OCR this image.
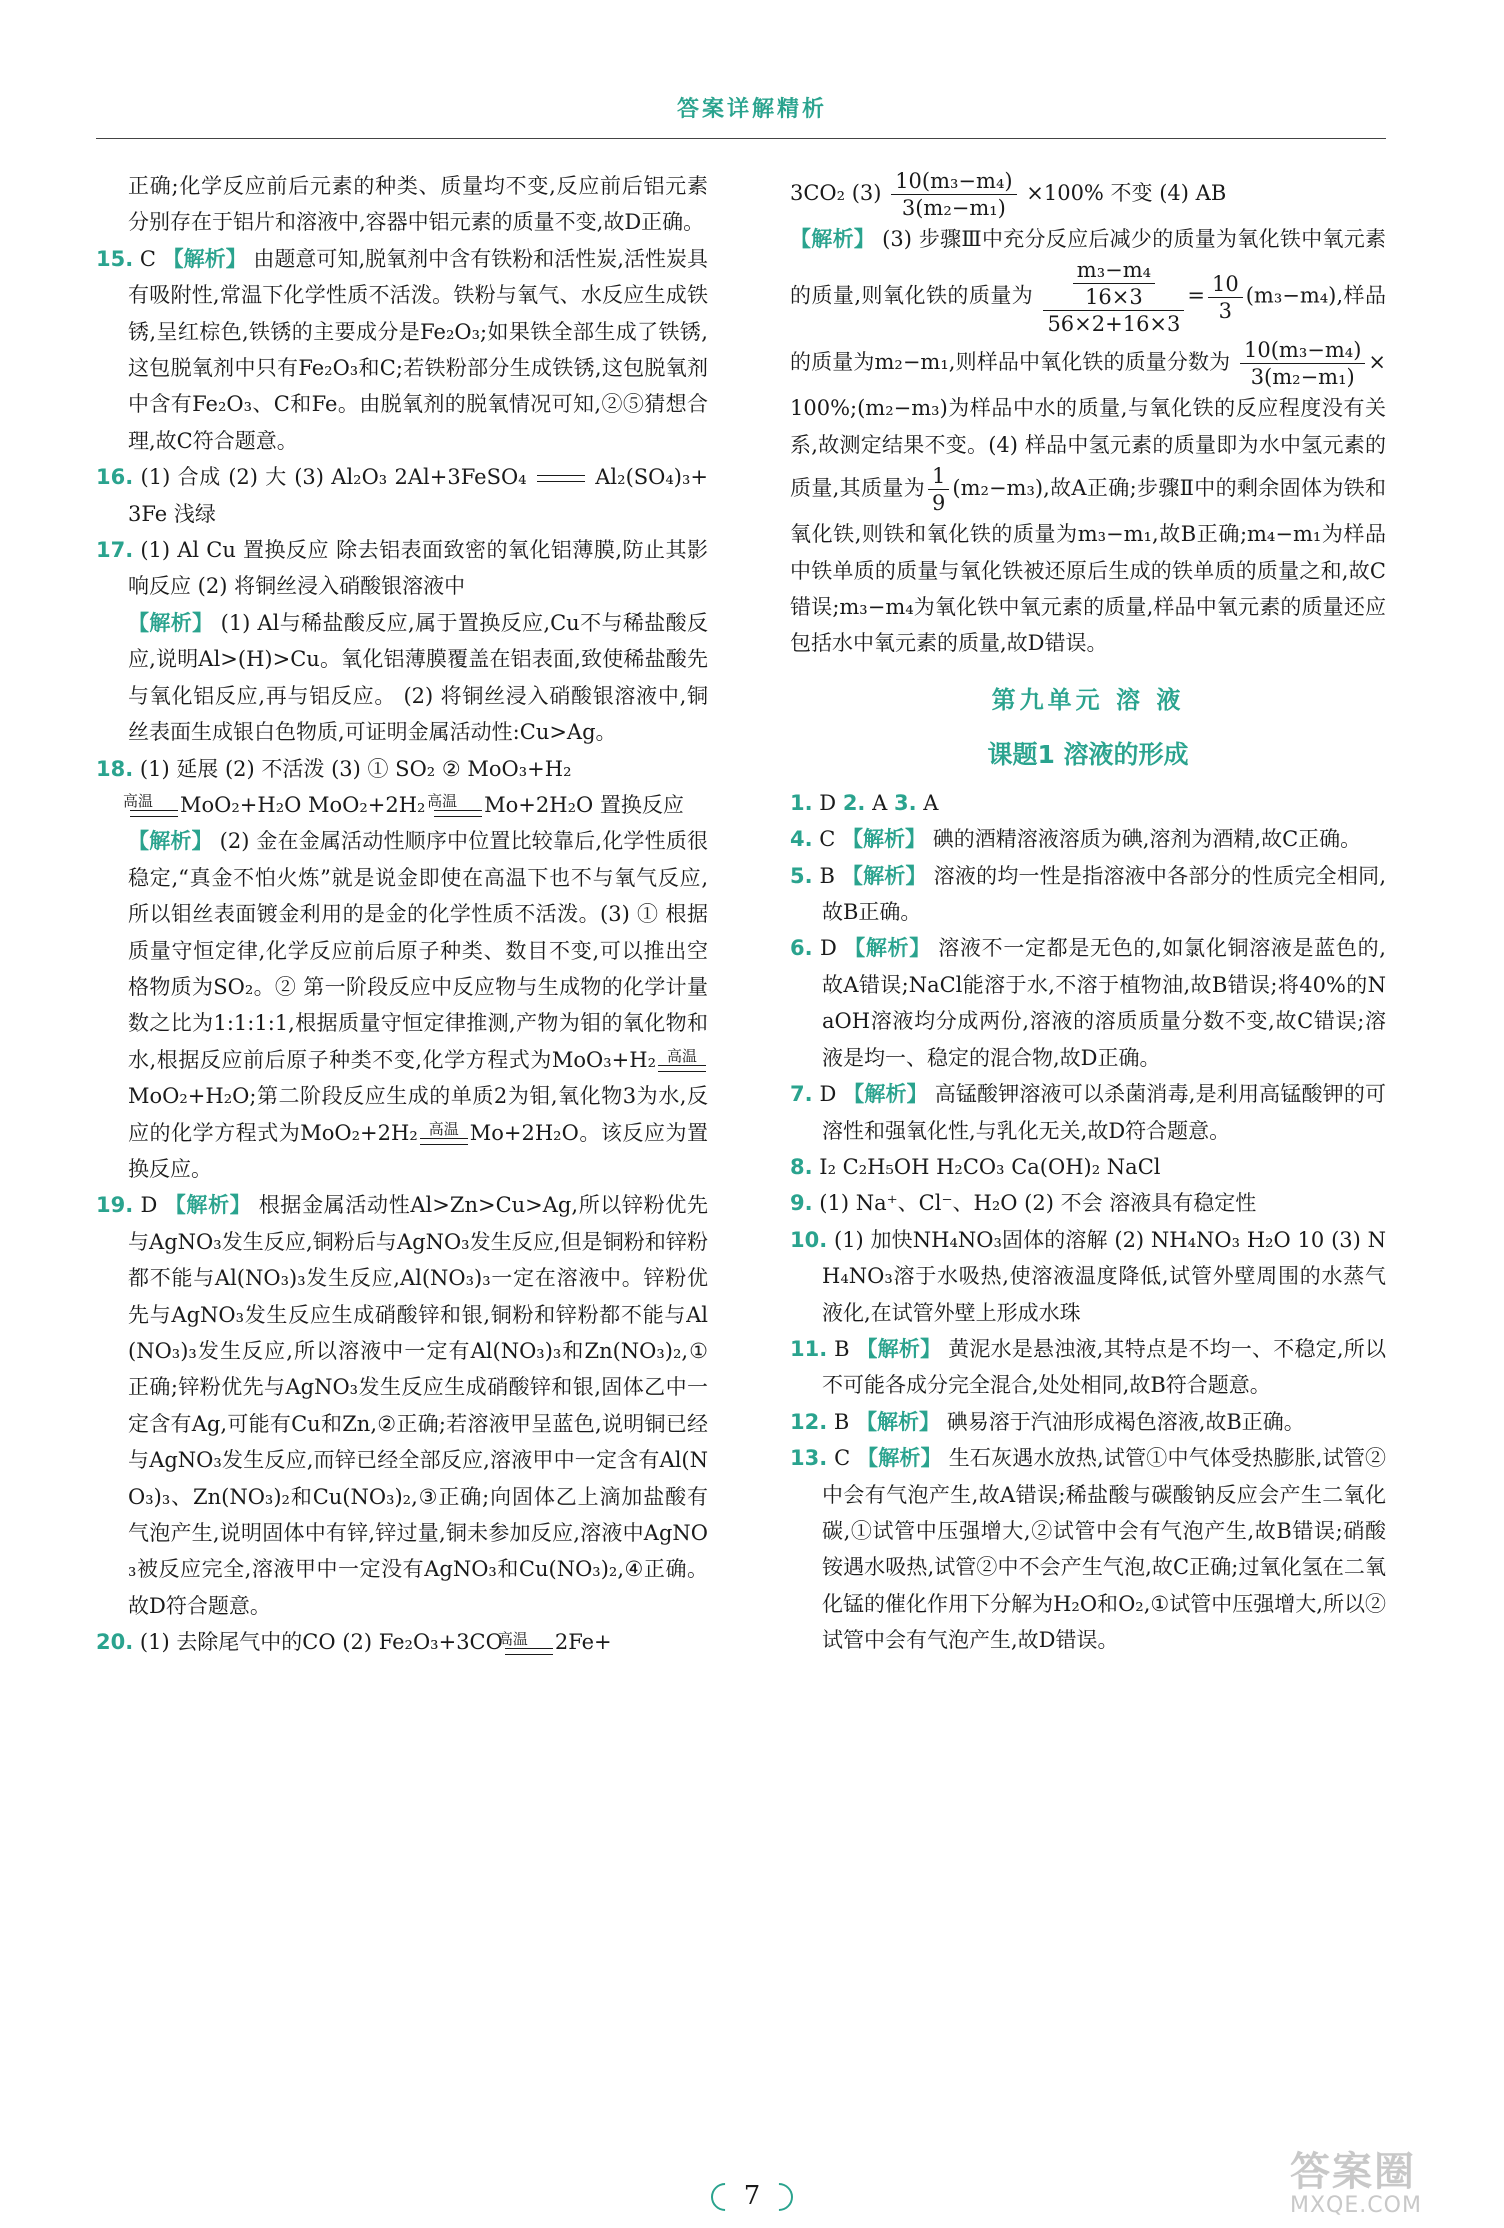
答案详解精析

正确;化学反应前后元素的种类、质量均不变,反应前后铝元素分别存在于铝片和溶液中,容器中铝元素的质量不变,故D正确。

15. C 【 解析 】 由题意可知,脱氧剂中含有铁粉和活性炭,活性炭具有吸附性,常温下化学性质不活泼。铁粉与氧气、水反应生成铁锈,呈红棕色,铁锈的主要成分是Fe₂O₃;如果铁全部生成了铁锈,这包脱氧剂中只有Fe₂O₃和C;若铁粉部分生成铁锈,这包脱氧剂中含有Fe₂O₃、C和Fe。由脱氧剂的脱氧情况可知,②⑤猜想合理,故C符合题意。

16. (1) 合成 (2) 大 (3) Al₂O₃ 2Al+3FeSO₄	Al₂(SO₄)₃+3Fe 浅绿

17. (1) Al Cu 置换反应 除去铝表面致密的氧化铝薄膜,防止其影响反应 (2) 将铜丝浸入硝酸银溶液中

【 解析 】 (1) Al与稀盐酸反应,属于置换反应,Cu不与稀盐酸反应,说明Al>(H)>Cu。氧化铝薄膜覆盖在铝表面,致使稀盐酸先与氧化铝反应,再与铝反应。 (2) 将铜丝浸入硝酸银溶液中,铜丝表面生成银白色物质,可证明金属活动性:Cu>Ag。

18. (1) 延展 (2) 不活泼 (3) ① SO₂ ② MoO₃+H₂

高温	MoO₂+H₂O MoO₂+2H₂ 高温	Mo+2H₂O 置换反应

【 解析 】 (2) 金在金属活动性顺序中位置比较靠后,化学性质很稳定,“真金不怕火炼”就是说金即使在高温下也不与氧气反应,所以钼丝表面镀金利用的是金的化学性质不活泼。(3) ① 根据质量守恒定律,化学反应前后原子种类、数目不变,可以推出空格物质为SO₂。② 第一阶段反应中反应物与生成物的化学计量数之比为1:1:1:1,根据质量守恒定律推测,产物为钼的氧化物和水,根据反应前后原子种类不变,化学方程式为MoO₃+H₂ 高温
MoO₂+H₂O;第二阶段反应生成的单质2为钼,氧化物3为水,反应的化学方程式为MoO₂+2H₂ 高温 Mo+2H₂O。该反应为置换反应。

19. D 【 解析 】 根据金属活动性Al>Zn>Cu>Ag,所以锌粉优先与AgNO₃发生反应,铜粉后与AgNO₃发生反应,但是铜粉和锌粉都不能与Al(NO₃)₃发生反应,Al(NO₃)₃一定在溶液中。锌粉优先与AgNO₃发生反应生成硝酸锌和银,铜粉和锌粉都不能与Al(NO₃)₃发生反应,所以溶液中一定有Al(NO₃)₃和Zn(NO₃)₂,①正确;锌粉优先与AgNO₃发生反应生成硝酸锌和银,固体乙中一定含有Ag,可能有Cu和Zn,②正确;若溶液甲呈蓝色,说明铜已经与AgNO₃发生反应,而锌已经全部反应,溶液甲中一定含有Al(NO₃)₃、Zn(NO₃)₂和Cu(NO₃)₂,③正确;向固体乙上滴加盐酸有气泡产生,说明固体中有锌,锌过量,铜未参加反应,溶液中AgNO₃被反应完全,溶液甲中一定没有AgNO₃和Cu(NO₃)₂,④正确。故D符合题意。

20. (1) 去除尾气中的CO (2) Fe₂O₃+3CO
高温	2Fe+

3CO₂ $(3) \frac{\text{10(m₃−m₄)}}{\text{3(m₂−m₁)}} \times 100\%$ 不变 (4) AB

【 解析 】 (3) 步骤Ⅲ中充分反应后减少的质量为氧化铁中氧元素的质量,则氧化铁的质量为 $\frac{\frac{\text{m₃−m₄}}{16\times 3}}{56\times 2+16\times 3} = \frac{10}{3} (m_3-m_4)$,样品的质量为m₂−m₁,则样品中氧化铁的质量分数为 $\frac{\text{10(m₃−m₄)}}{\text{3(m₂−m₁)}}$ ×100%;(m₂−m₃)为样品中水的质量,与氧化铁的反应程度没有关系,故测定结果不变。(4) 样品中氢元素的质量即为水中氢元素的质量,其质量为 $\frac{1}{9} (m_2-m_3)$,故A正确;步骤Ⅱ中的剩余固体为铁和氧化铁,则铁和氧化铁的质量为m₃−m₁,故B正确;m₄−m₁为样品中铁单质的质量与氧化铁被还原后生成的铁单质的质量之和,故C错误;m₃−m₄为氧化铁中氧元素的质量,样品中氧元素的质量还应包括水中氧元素的质量,故D错误。

第九单元 溶 液

课题1 溶液的形成

1. D 2. A 3. A

4. C 【 解析 】 碘的酒精溶液溶质为碘,溶剂为酒精,故C正确。

5. B 【 解析 】 溶液的均一性是指溶液中各部分的性质完全相同,故B正确。

6. D 【 解析 】 溶液不一定都是无色的,如氯化铜溶液是蓝色的,故A错误;NaCl能溶于水,不溶于植物油,故B错误;将40%的NaOH溶液均分成两份,溶液的溶质质量分数不变,故C错误;溶液是均一、稳定的混合物,故D正确。

7. D 【 解析 】 高锰酸钾溶液可以杀菌消毒,是利用高锰酸钾的可溶性和强氧化性,与乳化无关,故D符合题意。

8. I₂ C₂H₅OH H₂CO₃ Ca(OH)₂ NaCl

9. (1) Na⁺、Cl⁻、H₂O (2) 不会 溶液具有稳定性

10. (1) 加快NH₄NO₃固体的溶解 (2) NH₄NO₃ H₂O 10 (3) NH₄NO₃溶于水吸热,使溶液温度降低,试管外壁周围的水蒸气液化,在试管外壁上形成水珠

11. B 【 解析 】 黄泥水是悬浊液,其特点是不均一、不稳定,所以不可能各成分完全混合,处处相同,故B符合题意。

12. B 【 解析 】 碘易溶于汽油形成褐色溶液,故B正确。

13. C 【 解析 】 生石灰遇水放热,试管①中气体受热膨胀,试管②中会有气泡产生,故A错误;稀盐酸与碳酸钠反应会产生二氧化碳,①试管中压强增大,②试管中会有气泡产生,故B错误;硝酸铵遇水吸热,试管②中不会产生气泡,故C正确;过氧化氢在二氧化锰的催化作用下分解为H₂O和O₂,①试管中压强增大,所以②试管中会有气泡产生,故D错误。

7
答案圈
MXQE.COM
